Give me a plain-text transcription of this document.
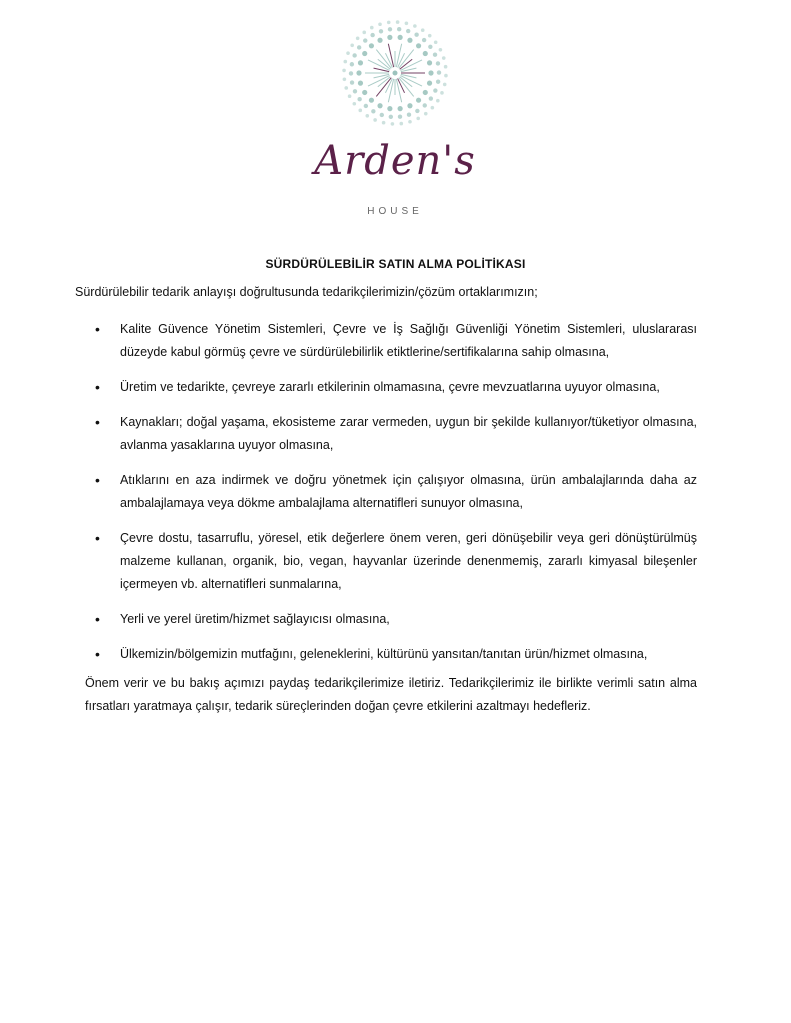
Arden's
HOUSE
SÜRDÜRÜLEBİLİR SATIN ALMA POLİTİKASI
Sürdürülebilir tedarik anlayışı doğrultusunda tedarikçilerimizin/çözüm ortaklarımızın;
• Kalite Güvence Yönetim Sistemleri, Çevre ve İş Sağlığı Güvenliği Yönetim Sistemleri, uluslararası düzeyde kabul görmüş çevre ve sürdürülebilirlik etiktlerine/sertifikalarına sahip olmasına,
• Üretim ve tedarikte, çevreye zararlı etkilerinin olmamasına, çevre mevzuatlarına uyuyor olmasına,
• Kaynakları; doğal yaşama, ekosisteme zarar vermeden, uygun bir şekilde kullanıyor/tüketiyor olmasına, avlanma yasaklarına uyuyor olmasına,
• Atıklarını en aza indirmek ve doğru yönetmek için çalışıyor olmasına, ürün ambalajlarında daha az ambalajlamaya veya dökme ambalajlama alternatifleri sunuyor olmasına,
• Çevre dostu, tasarruflu, yöresel, etik değerlere önem veren, geri dönüşebilir veya geri dönüştürülmüş malzeme kullanan, organik, bio, vegan, hayvanlar üzerinde denenmemiş, zararlı kimyasal bileşenler içermeyen vb. alternatifleri sunmalarına,
• Yerli ve yerel üretim/hizmet sağlayıcısı olmasına,
• Ülkemizin/bölgemizin mutfağını, geleneklerini, kültürünü yansıtan/tanıtan ürün/hizmet olmasına,
Önem verir ve bu bakış açımızı paydaş tedarikçilerimize iletiriz. Tedarikçilerimiz ile birlikte verimli satın alma fırsatları yaratmaya çalışır, tedarik süreçlerinden doğan çevre etkilerini azaltmayı hedefleriz.
